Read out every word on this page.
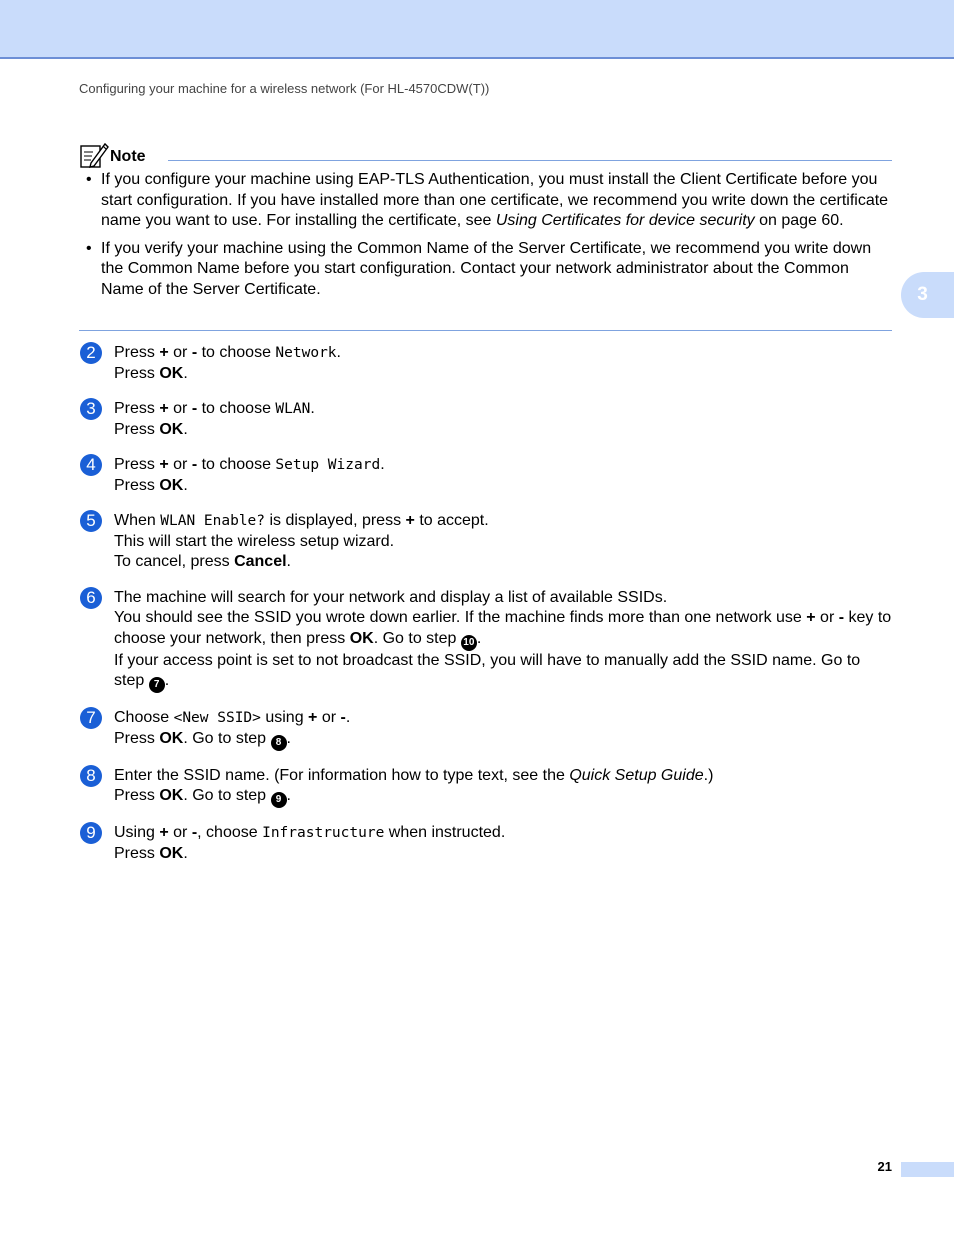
Configuring your machine for a wireless network (For HL-4570CDW(T))
3
Note
• If you configure your machine using EAP-TLS Authentication, you must install the Client Certificate before you start configuration. If you have installed more than one certificate, we recommend you write down the certificate name you want to use. For installing the certificate, see Using Certificates for device security on page 60.
• If you verify your machine using the Common Name of the Server Certificate, we recommend you write down the Common Name before you start configuration. Contact your network administrator about the Common Name of the Server Certificate.
2	Press + or - to choose Network.

Press OK.

3	Press + or - to choose WLAN.

Press OK.

4	Press + or - to choose Setup Wizard.

Press OK.

5	When WLAN Enable? is displayed, press + to accept.

This will start the wireless setup wizard.

To cancel, press Cancel.

6	The machine will search for your network and display a list of available SSIDs.

You should see the SSID you wrote down earlier. If the machine finds more than one network use + or - key to choose your network, then press OK. Go to step 10 .

If your access point is set to not broadcast the SSID, you will have to manually add the SSID name. Go to step 7 .

7	Choose <New SSID> using + or -.

Press OK. Go to step 8 .

8	Enter the SSID name. (For information how to type text, see the Quick Setup Guide.)

Press OK. Go to step 9 .

9	Using + or -, choose Infrastructure when instructed.

Press OK.

21
